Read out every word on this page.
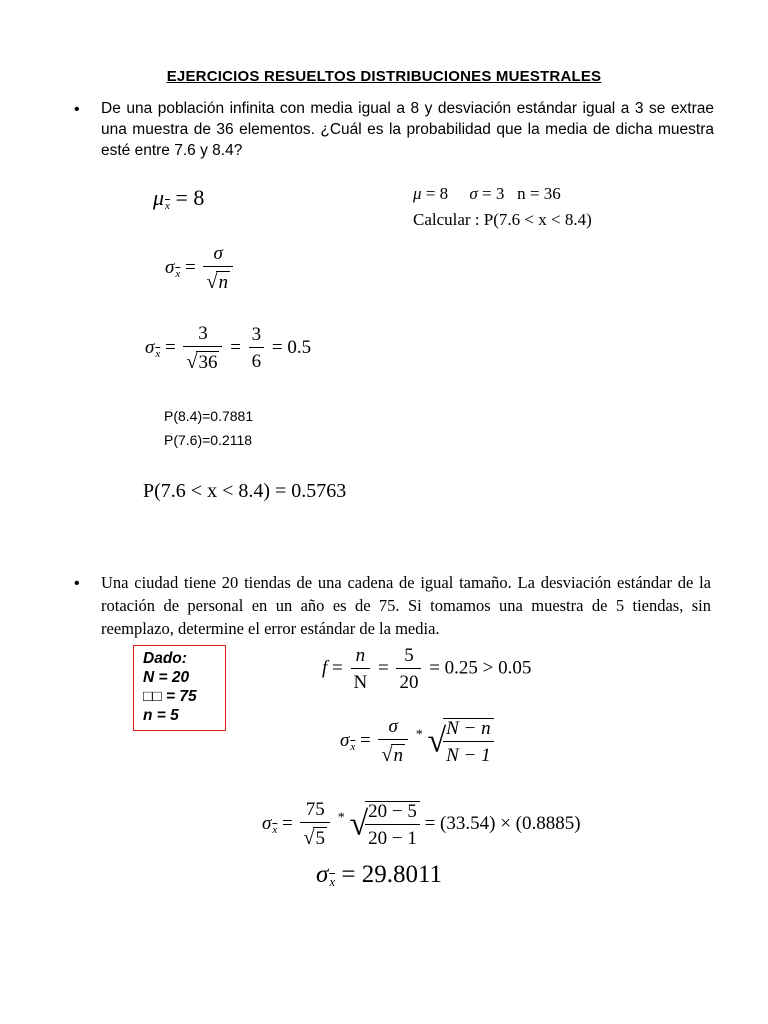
EJERCICIOS RESUELTOS DISTRIBUCIONES MUESTRALES
• De una población infinita con media igual a 8 y desviación estándar igual a 3 se extrae una muestra de 36 elementos. ¿Cuál es la probabilidad que la media de dicha muestra esté entre 7.6 y 8.4?
$\mu_{\overline{x}} = 8$	μ = 8 σ = 3 n = 36
Calcular : P(7.6 < x < 8.4)
$\sigma_{\overline{x}} = \frac{\sigma}{√n}$
$\sigma_{\overline{x}} = \frac{3}{√36} = \frac{3}{6} = 0.5$
P(8.4)=0.7881
P(7.6)=0.2118
P(7.6 < x < 8.4) = 0.5763
• Una ciudad tiene 20 tiendas de una cadena de igual tamaño. La desviación estándar de la rotación de personal en un año es de 75. Si tomamos una muestra de 5 tiendas, sin reemplazo, determine el error estándar de la media.
Dado:
N = 20
□□ = 75
n = 5
$f = \frac{n}{N} = \frac{5}{20} = 0.25 > 0.05$
$\sigma_{\overline{x}} = \frac{\sigma}{√n} ^*$ √
$\frac{N - n}{N - 1}$
$\sigma_{\overline{x}} = \frac{75}{√5} ^*$ √
$\frac{20 - 5}{20 - 1} = (33.54) \times (0.8885)$
$\sigma_{\overline{x}} = 29.8011$
